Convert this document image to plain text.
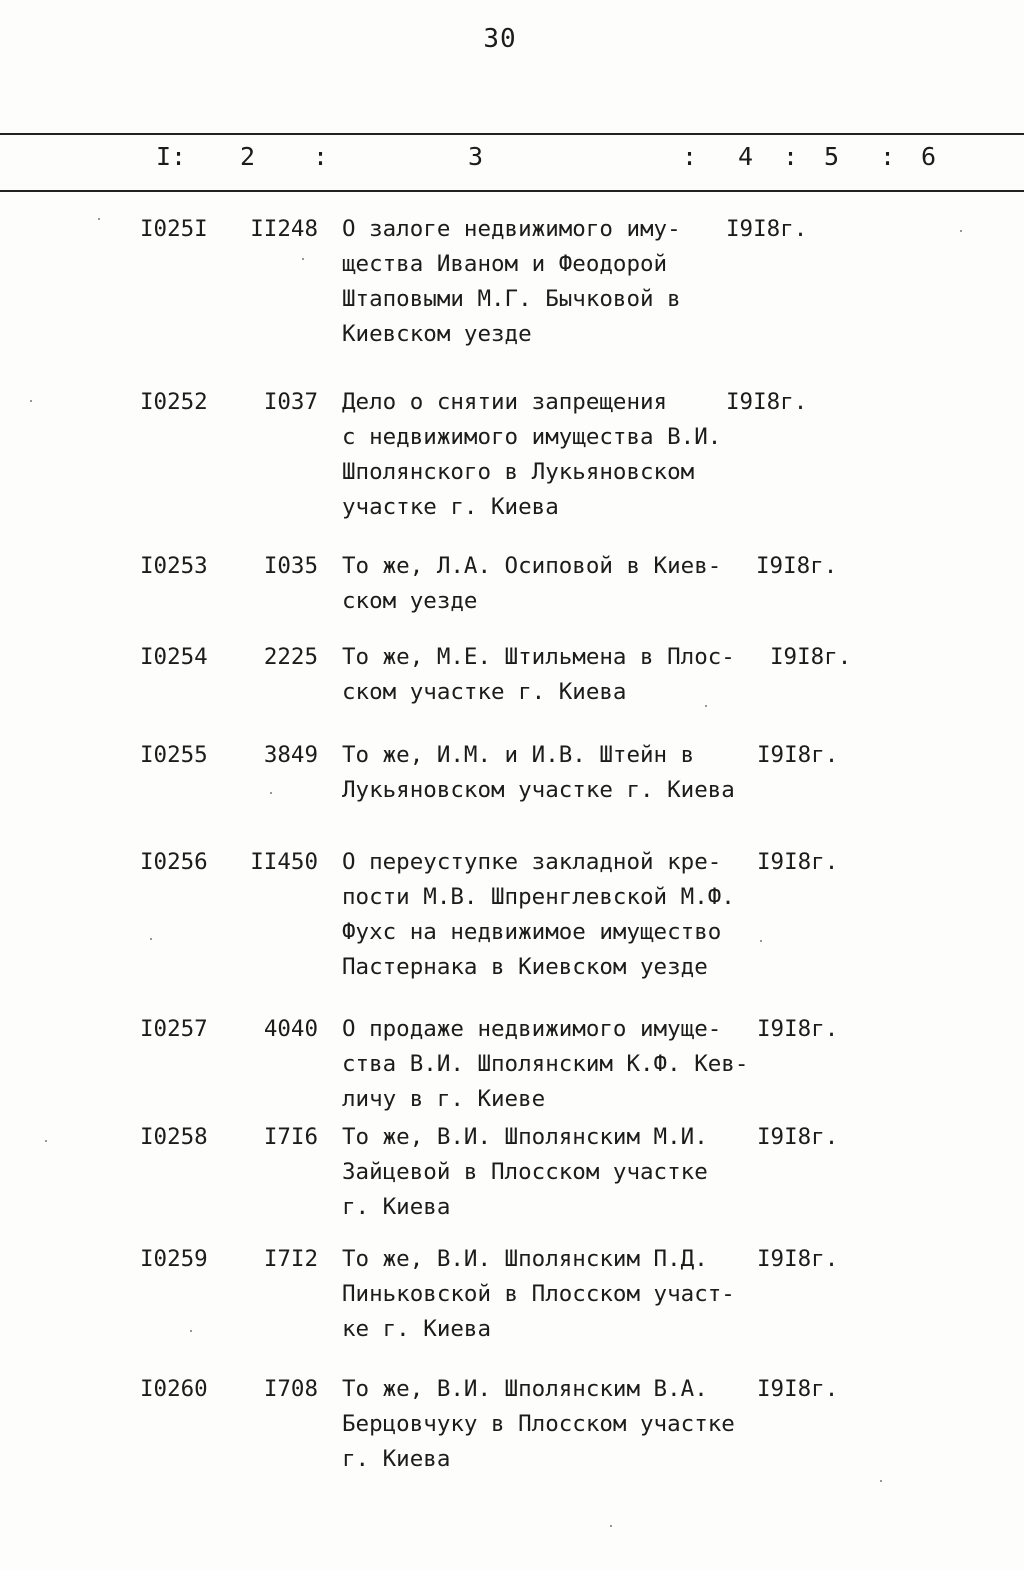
30
I: 2 :	3	: 4 : 5 : 6
I025I	II248 О залоге недвижимого иму-
щества Иваном и Феодорой
Штаповыми М.Г. Бычковой в
Киевском уезде
I9I8г.
I0252	I037 Дело о снятии запрещения
с недвижимого имущества В.И.
Шполянского в Лукьяновском
участке г. Киева
I9I8г.
I0253	I035 То же, Л.А. Осиповой в Киев-
ском уезде
I9I8г.
I0254	2225 То же, М.Е. Штильмена в Плос-
ском участке г. Киева
I9I8г.
I0255	3849 То же, И.М. и И.В. Штейн в
Лукьяновском участке г. Киева
I9I8г.
I0256	II450 О переуступке закладной кре-
пости М.В. Шпренглевской М.Ф.
Фухс на недвижимое имущество
Пастернака в Киевском уезде
I9I8г.
I0257	4040 О продаже недвижимого имуще-
ства В.И. Шполянским К.Ф. Кев-
личу в г. Киеве
I9I8г.
I0258	I7I6 То же, В.И. Шполянским М.И.
Зайцевой в Плосском участке
г. Киева
I9I8г.
I0259	I7I2 То же, В.И. Шполянским П.Д.
Пиньковской в Плосском участ-
ке г. Киева
I9I8г.
I0260	I708 То же, В.И. Шполянским В.А.
Берцовчуку в Плосском участке
г. Киева
I9I8г.
